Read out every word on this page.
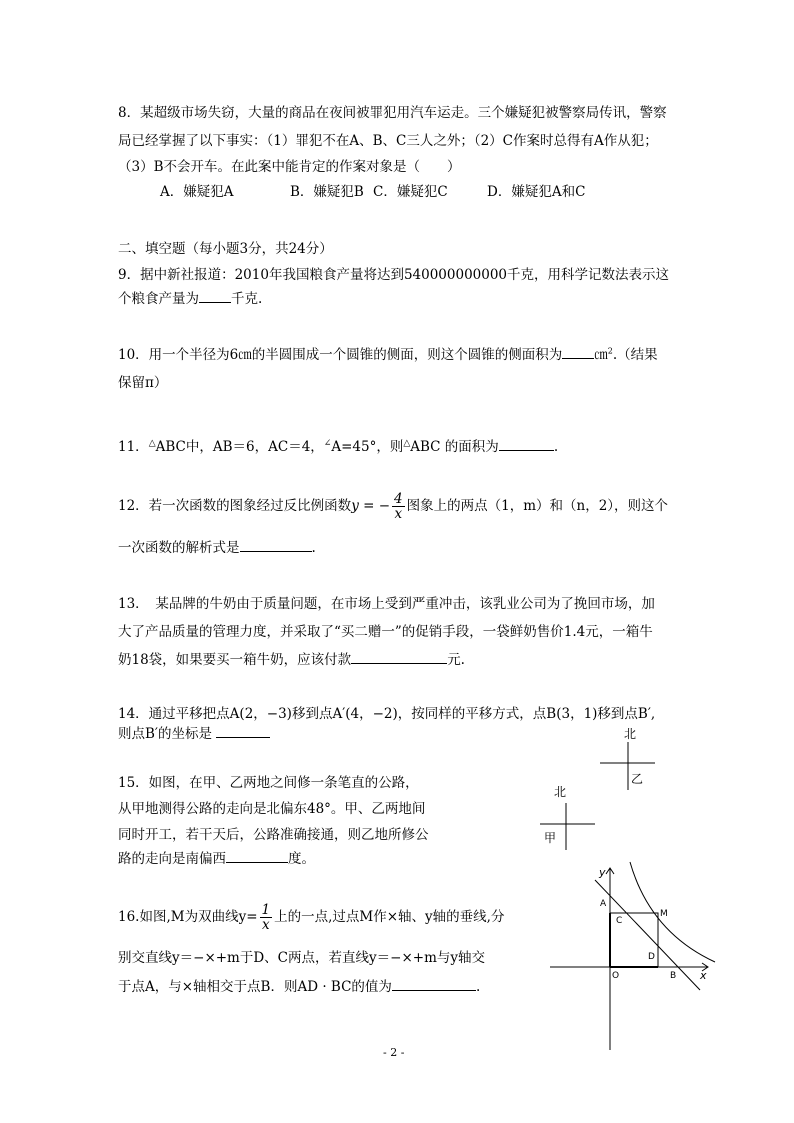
8．某超级市场失窃，大量的商品在夜间被罪犯用汽车运走。三个嫌疑犯被警察局传讯，警察
局已经掌握了以下事实：（1）罪犯不在A、B、C三人之外；（2）C作案时总得有A作从犯；
（3）B不会开车。在此案中能肯定的作案对象是（　　）
A．嫌疑犯A	B．嫌疑犯B C．嫌疑犯C	D．嫌疑犯A和C
二、填空题（每小题3分，共24分）
9．据中新社报道：2010年我国粮食产量将达到540000000000千克，用科学记数法表示这
个粮食产量为 千克.
10．用一个半径为6㎝的半圆围成一个圆锥的侧面，则这个圆锥的侧面积为 ㎝$^2$.（结果
保留π）
11．△ABC中，AB＝6，AC＝4，∠A=45°，则△ABC 的面积为	.
12．若一次函数的图象经过反比例函数y = − $\frac{4}{x}$ 图象上的两点（1，m）和（n，2），则这个
一次函数的解析式是	.
13．　某品牌的牛奶由于质量问题，在市场上受到严重冲击，该乳业公司为了挽回市场，加
大了产品质量的管理力度，并采取了“买二赠一”的促销手段，一袋鲜奶售价1.4元，一箱牛
奶18袋，如果要买一箱牛奶，应该付款	元.
14．通过平移把点A(2，−3)移到点A′(4，−2)，按同样的平移方式，点B(3，1)移到点B′,
则点B′的坐标是
15．如图，在甲、乙两地之间修一条笔直的公路，
从甲地测得公路的走向是北偏东48°。甲、乙两地间
同时开工，若干天后，公路准确接通，则乙地所修公
路的走向是南偏西	度。
16.如图,M为双曲线$y= \frac{1}{x}$ 上的一点,过点M作×轴、y轴的垂线,分
别交直线y＝−×+m于D、C两点，若直线y＝−×+m与y轴交
于点A，与×轴相交于点B．则AD · BC的值为	.
北
乙
北
甲
y
x
O
A
B
C
D
M
- 2 -
